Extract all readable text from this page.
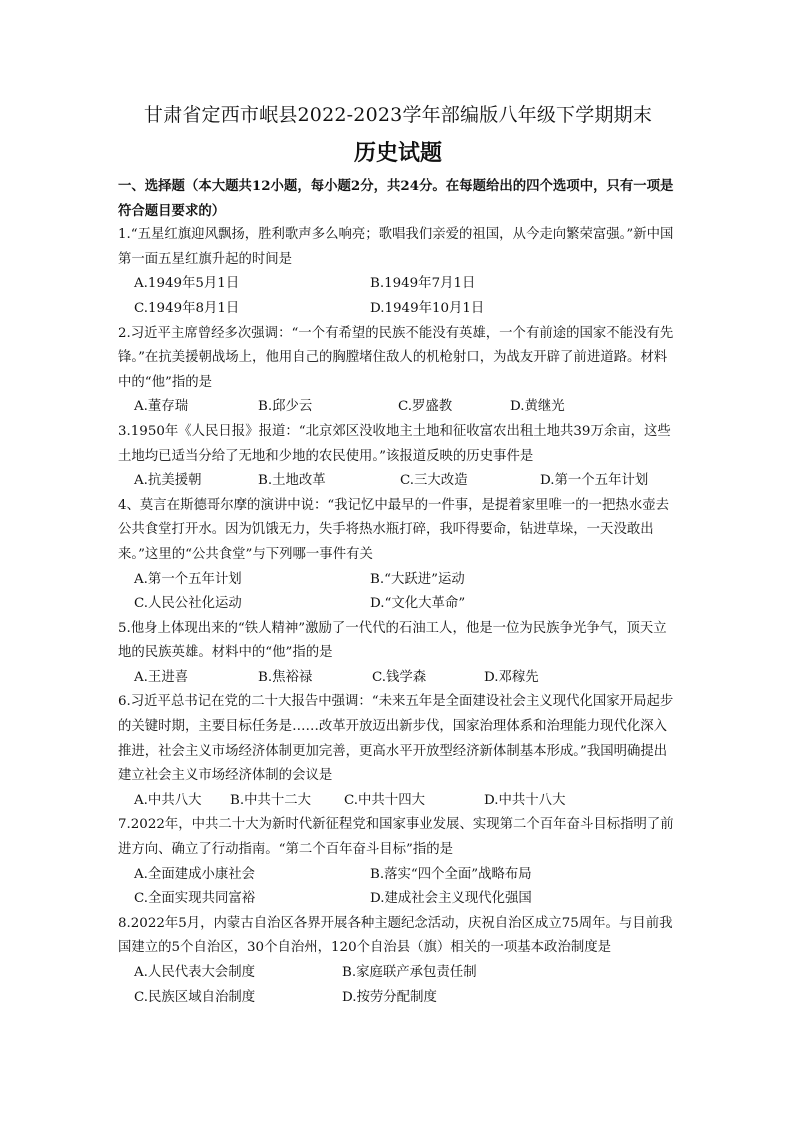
甘肃省定西市岷县2022-2023学年部编版八年级下学期期末
历史试题

一、选择题（本大题共12小题，每小题2分，共24分。在每题给出的四个选项中，只有一项是符合题目要求的）

1.“五星红旗迎风飘扬，胜利歌声多么响亮；歌唱我们亲爱的祖国，从今走向繁荣富强。”新中国第一面五星红旗升起的时间是

A.1949年5月1日	B.1949年7月1日
C.1949年8月1日	D.1949年10月1日

2.习近平主席曾经多次强调：“一个有希望的民族不能没有英雄，一个有前途的国家不能没有先锋。”在抗美援朝战场上，他用自己的胸膛堵住敌人的机枪射口，为战友开辟了前进道路。材料中的“他”指的是

A.董存瑞	B.邱少云	C.罗盛教	D.黄继光

3.1950年《人民日报》报道：“北京郊区没收地主土地和征收富农出租土地共39万余亩，这些土地均已适当分给了无地和少地的农民使用。”该报道反映的历史事件是

A.抗美援朝	B.土地改革	C.三大改造	D.第一个五年计划

4、莫言在斯德哥尔摩的演讲中说：“我记忆中最早的一件事，是提着家里唯一的一把热水壶去公共食堂打开水。因为饥饿无力，失手将热水瓶打碎，我吓得要命，钻进草垛，一天没敢出来。”这里的“公共食堂”与下列哪一事件有关

A.第一个五年计划	B.“大跃进”运动
C.人民公社化运动	D.“文化大革命”

5.他身上体现出来的“铁人精神”激励了一代代的石油工人，他是一位为民族争光争气，顶天立地的民族英雄。材料中的“他”指的是

A.王进喜	B.焦裕禄	C.钱学森	D.邓稼先

6.习近平总书记在党的二十大报告中强调：“未来五年是全面建设社会主义现代化国家开局起步的关键时期，主要目标任务是……改革开放迈出新步伐，国家治理体系和治理能力现代化深入推进，社会主义市场经济体制更加完善，更高水平开放型经济新体制基本形成。”我国明确提出建立社会主义市场经济体制的会议是

A.中共八大 B.中共十二大 C.中共十四大	D.中共十八大

7.2022年，中共二十大为新时代新征程党和国家事业发展、实现第二个百年奋斗目标指明了前进方向、确立了行动指南。“第二个百年奋斗目标”指的是

A.全面建成小康社会	B.落实“四个全面”战略布局
C.全面实现共同富裕	D.建成社会主义现代化强国

8.2022年5月，内蒙古自治区各界开展各种主题纪念活动，庆祝自治区成立75周年。与目前我国建立的5个自治区，30个自治州，120个自治县（旗）相关的一项基本政治制度是

A.人民代表大会制度	B.家庭联产承包责任制
C.民族区域自治制度	D.按劳分配制度
